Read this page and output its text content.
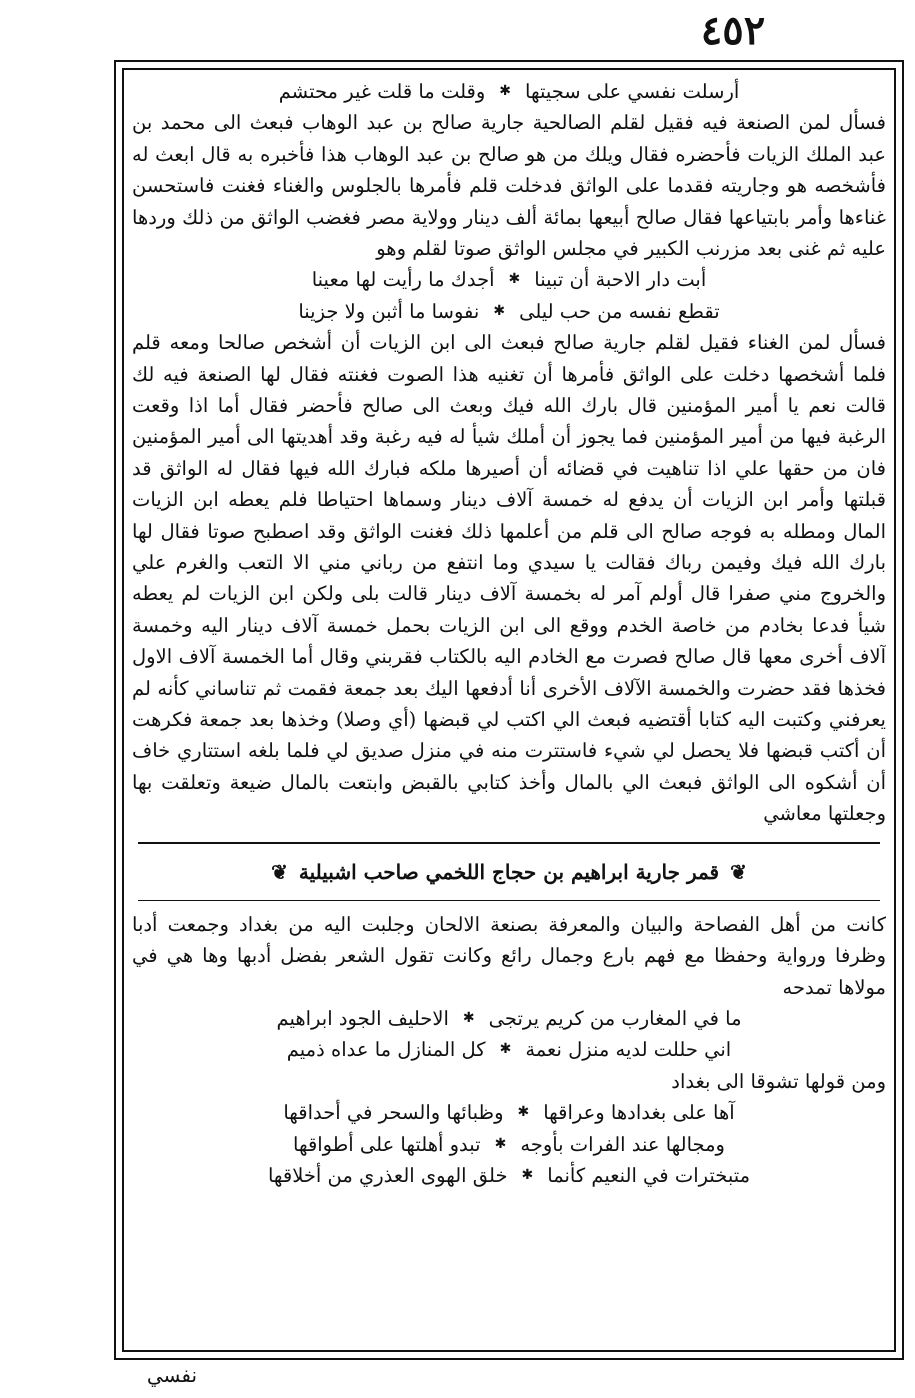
٤٥٢
أرسلت نفسي على سجيتها
✱
وقلت ما قلت غير محتشم

فسأل لمن الصنعة فيه فقيل لقلم الصالحية جارية صالح بن عبد الوهاب فبعث الى محمد بن عبد الملك الزيات فأحضره فقال ويلك من هو صالح بن عبد الوهاب هذا فأخبره به قال ابعث له فأشخصه هو وجاريته فقدما على الواثق فدخلت قلم فأمرها بالجلوس والغناء فغنت فاستحسن غناءها وأمر بابتياعها فقال صالح أبيعها بمائة ألف دينار وولاية مصر فغضب الواثق من ذلك وردها عليه ثم غنى بعد مزرنب الكبير في مجلس الواثق صوتا لقلم وهو

أبت دار الاحبة أن تبينا
✱
أجدك ما رأيت لها معينا
تقطع نفسه من حب ليلى
✱
نفوسا ما أثبن ولا جزينا

فسأل لمن الغناء فقيل لقلم جارية صالح فبعث الى ابن الزيات أن أشخص صالحا ومعه قلم فلما أشخصها دخلت على الواثق فأمرها أن تغنيه هذا الصوت فغنته فقال لها الصنعة فيه لك قالت نعم يا أمير المؤمنين قال بارك الله فيك وبعث الى صالح فأحضر فقال أما اذا وقعت الرغبة فيها من أمير المؤمنين فما يجوز أن أملك شيأ له فيه رغبة وقد أهديتها الى أمير المؤمنين فان من حقها علي اذا تناهيت في قضائه أن أصيرها ملكه فبارك الله فيها فقال له الواثق قد قبلتها وأمر ابن الزيات أن يدفع له خمسة آلاف دينار وسماها احتياطا فلم يعطه ابن الزيات المال ومطله به فوجه صالح الى قلم من أعلمها ذلك فغنت الواثق وقد اصطبح صوتا فقال لها بارك الله فيك وفيمن رباك فقالت يا سيدي وما انتفع من رباني مني الا التعب والغرم علي والخروج مني صفرا قال أولم آمر له بخمسة آلاف دينار قالت بلى ولكن ابن الزيات لم يعطه شيأ فدعا بخادم من خاصة الخدم ووقع الى ابن الزيات بحمل خمسة آلاف دينار اليه وخمسة آلاف أخرى معها قال صالح فصرت مع الخادم اليه بالكتاب فقربني وقال أما الخمسة آلاف الاول فخذها فقد حضرت والخمسة الآلاف الأخرى أنا أدفعها اليك بعد جمعة فقمت ثم تناساني كأنه لم يعرفني وكتبت اليه كتابا أقتضيه فبعث الي اكتب لي قبضها (أي وصلا) وخذها بعد جمعة فكرهت أن أكتب قبضها فلا يحصل لي شيء فاستترت منه في منزل صديق لي فلما بلغه استتاري خاف أن أشكوه الى الواثق فبعث الي بالمال وأخذ كتابي بالقبض وابتعت بالمال ضيعة وتعلقت بها وجعلتها معاشي

❦ قمر جارية ابراهيم بن حجاج اللخمي صاحب اشبيلية ❦

كانت من أهل الفصاحة والبيان والمعرفة بصنعة الالحان وجلبت اليه من بغداد وجمعت أدبا وظرفا ورواية وحفظا مع فهم بارع وجمال رائع وكانت تقول الشعر بفضل أدبها وها هي في مولاها تمدحه

ما في المغارب من كريم يرتجى
✱
الاحليف الجود ابراهيم
اني حللت لديه منزل نعمة
✱
كل المنازل ما عداه ذميم

ومن قولها تشوقا الى بغداد

آها على بغدادها وعراقها
✱
وظبائها والسحر في أحداقها
ومجالها عند الفرات بأوجه
✱
تبدو أهلتها على أطواقها
متبخترات في النعيم كأنما
✱
خلق الهوى العذري من أخلاقها
نفسي
